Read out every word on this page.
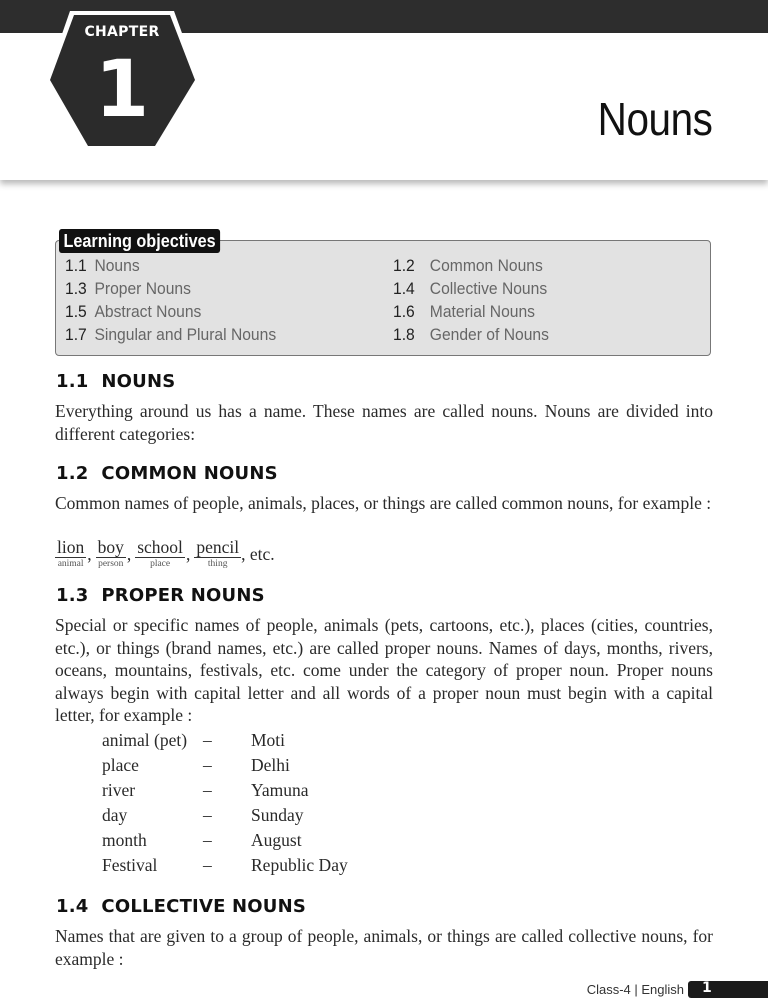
CHAPTER
1	Nouns
Learning objectives
1.1 Nouns	1.2 Common Nouns
1.3 Proper Nouns	1.4 Collective Nouns
1.5 Abstract Nouns	1.6 Material Nouns
1.7 Singular and Plural Nouns	1.8 Gender of Nouns
1.1  NOUNS
Everything around us has a name. These names are called nouns. Nouns are divided into different categories:
1.2  COMMON NOUNS
Common names of people, animals, places, or things are called common nouns, for example :
$\frac{\text{lion}}{\text{animal}}$ , $\frac{\text{boy}}{\text{person}}$ , $\frac{\text{school}}{\text{place}}$ , $\frac{\text{pencil}}{\text{thing}}$ , etc.
1.3  PROPER NOUNS
Special or specific names of people, animals (pets, cartoons, etc.), places (cities, countries, etc.), or things (brand names, etc.) are called proper nouns. Names of days, months, rivers, oceans, mountains, festivals, etc. come under the category of proper noun. Proper nouns always begin with capital letter and all words of a proper noun must begin with a capital letter, for example :
animal (pet) – Moti
place	– Delhi
river	– Yamuna
day	– Sunday
month	– August
Festival	– Republic Day
1.4  COLLECTIVE NOUNS
Names that are given to a group of people, animals, or things are called collective nouns, for example :
Class-4 | English 1
